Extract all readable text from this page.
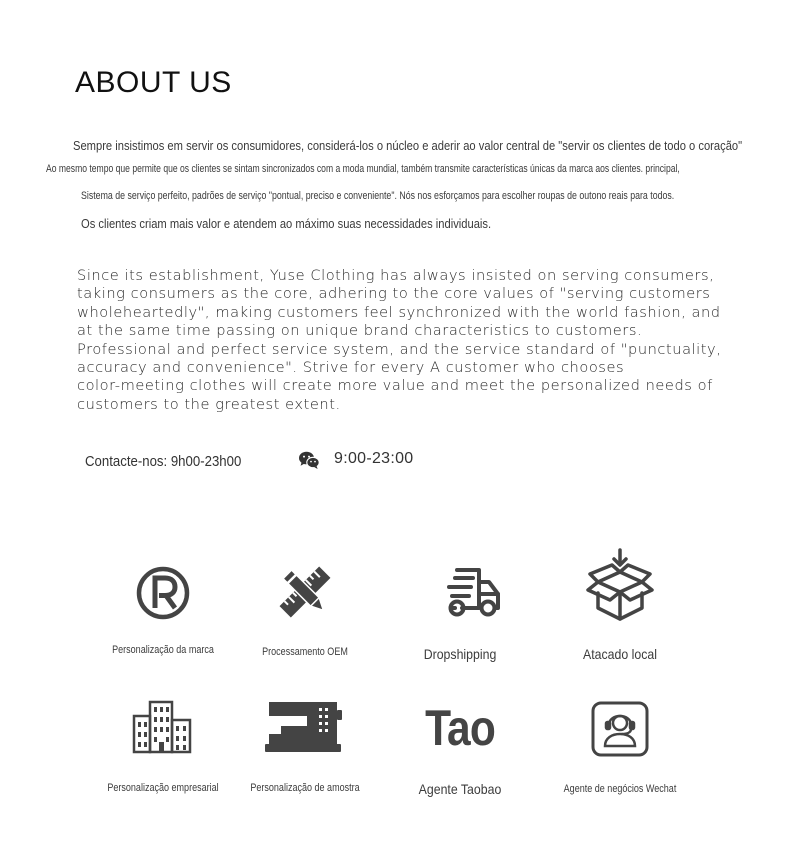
ABOUT US
Sempre insistimos em servir os consumidores, considerá-los o núcleo e aderir ao valor central de "servir os clientes de todo o coração"
Ao mesmo tempo que permite que os clientes se sintam sincronizados com a moda mundial, também transmite características únicas da marca aos clientes. principal,
Sistema de serviço perfeito, padrões de serviço "pontual, preciso e conveniente". Nós nos esforçamos para escolher roupas de outono reais para todos.
Os clientes criam mais valor e atendem ao máximo suas necessidades individuais.
Since its establishment, Yuse Clothing has always insisted on serving consumers,
taking consumers as the core, adhering to the core values of "serving customers
wholeheartedly", making customers feel synchronized with the world fashion, and
at the same time passing on unique brand characteristics to customers.
Professional and perfect service system, and the service standard of "punctuality,
accuracy and convenience". Strive for every A customer who chooses
color-meeting clothes will create more value and meet the personalized needs of
customers to the greatest extent.
Contacte-nos: 9h00-23h00	9:00-23:00
Personalização da marca	Processamento OEM	Dropshipping	Atacado local
Personalização empresarial	Personalização de amostra
Tao
Agente Taobao	Agente de negócios Wechat
